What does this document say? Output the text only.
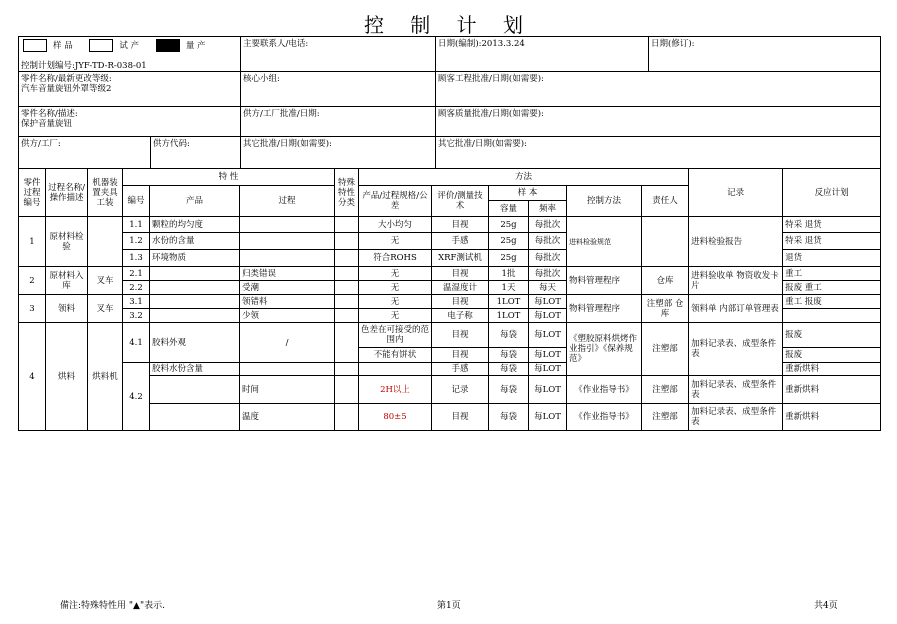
控 制 计 划
样 品 试 产 量 产
控制计划编号:JYF-TD-R-038-01		主要联系人/电话:	日期(编制):2013.3.24	日期(修订):

零件名称/最新更改等级:
汽车音量旋钮外罩等级2		核心小组:	顾客工程批准/日期(如需要):	

零件名称/描述:
保护音量旋钮		供方/工厂批准/日期:	顾客质量批准/日期(如需要):	
供方/工厂:	供方代码:	其它批准/日期(如需要):	其它批准/日期(如需要):	
零件过程编号	过程名称/操作描述	机器装置夹具工装	特 性			特殊特性分类	方法						记录	反应计划
			编号	产品	过程		产品/过程规格/公差	评价/测量技术	样 本		控制方法	责任人		
									容量	频率				
1	原材料检验		1.1	颗粒的均匀度			大小均匀	目视	25g	每批次	进料检验规范		进料检验报告	特采 退货
			1.2	水份的含量			无	手感	25g	每批次				特采 退货
			1.3	环境物质			符合ROHS	XRF测试机	25g	每批次				退货
2	原材料入库	叉车	2.1		归类错误		无	目视	1批	每批次	物料管理程序	仓库	进料验收单 物资收发卡片	重工
			2.2		受潮		无	温湿度计	1天	每天				报废 重工
3	领料	叉车	3.1		领错料		无	目视	1LOT	每LOT	物料管理程序	注塑部 仓库	领料单 内部订单管理表	重工 报废
			3.2		少领		无	电子称	1LOT	每LOT				
4	烘料	烘料机	4.1	胶料外观	/		色差在可接受的范围内	目视	每袋	每LOT	《塑胶原料烘烤作业指引》《保养规范》	注塑部	加料记录表、成型条件表	报废
							不能有饼状	目视	每袋	每LOT				报废
			4.2	胶料水份含量				手感	每袋	每LOT				重新烘料
					时间		2H以上	记录	每袋	每LOT	《作业指导书》	注塑部	加料记录表、成型条件表	重新烘料
					温度		80±5	目视	每袋	每LOT	《作业指导书》	注塑部	加料记录表、成型条件表	重新烘料
備注:特殊特性用 "▲"表示.	第1页	共4页
